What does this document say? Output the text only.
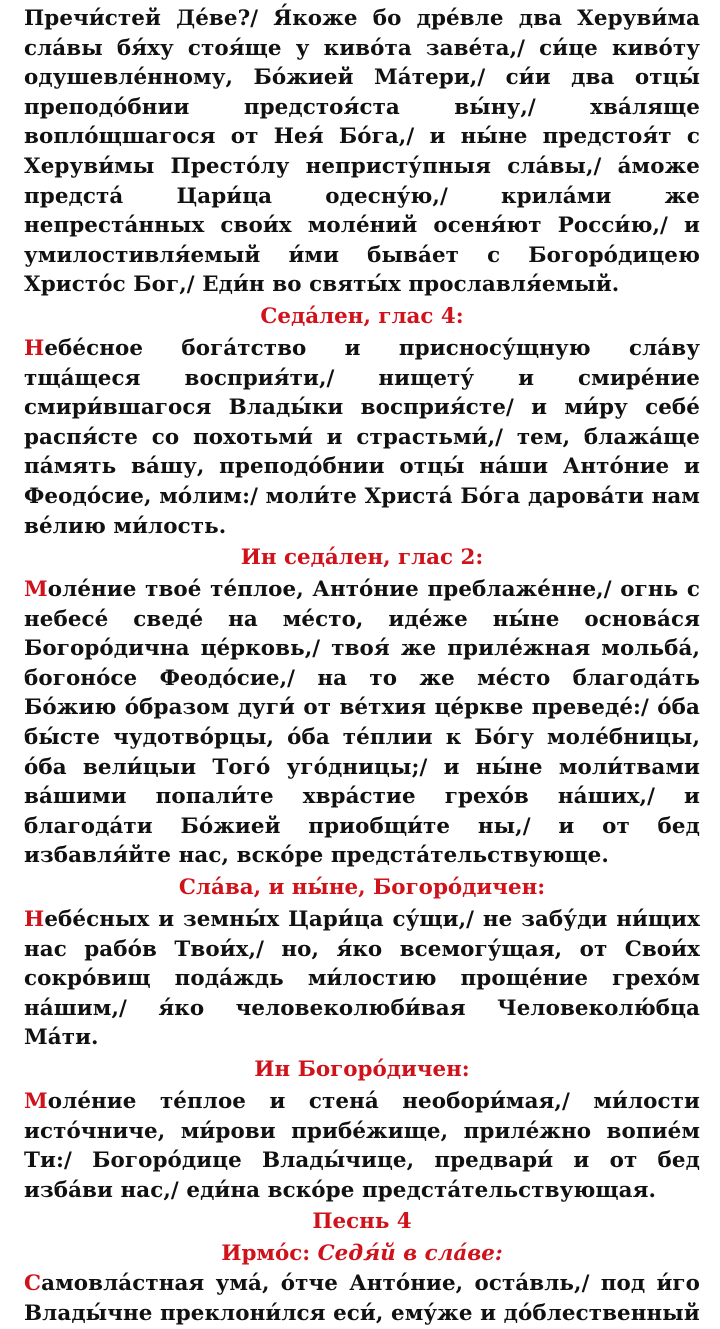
Пречи́стей Де́ве?/ Я́коже бо дре́вле два Херуви́ма сла́вы бя́ху стоя́ще у киво́та заве́та,/ си́це киво́ту одушевле́нному, Бо́жией Ма́тери,/ си́и два отцы́ преподо́бнии предстоя́ста вы́ну,/ хва́ляще вопло́щшагося от Нея́ Бо́га,/ и ны́не предстоя́т с Херуви́мы Престо́лу непристу́пныя сла́вы,/ а́може предста́ Цари́ца одесну́ю,/ крила́ми же непреста́нных свои́х моле́ний осеня́ют Росси́ю,/ и умилостивля́емый и́ми быва́ет с Богоро́дицею Христо́с Бог,/ Еди́н во святы́х прославля́емый.

Седа́лен, глас 4:

Небе́сное бога́тство и присносу́щную сла́ву тща́щеся восприя́ти,/ нищету́ и смире́ние смири́вшагося Влады́ки восприя́сте/ и ми́ру себе́ распя́сте со похотьми́ и страстьми́,/ тем, блажа́ще па́мять ва́шу, преподо́бнии отцы́ на́ши Анто́ние и Феодо́сие, мо́лим:/ моли́те Христа́ Бо́га дарова́ти нам ве́лию ми́лость.

Ин седа́лен, глас 2:

Моле́ние твое́ те́плое, Анто́ние преблаже́нне,/ огнь с небесе́ сведе́ на ме́сто, иде́же ны́не основа́ся Богоро́дична це́рковь,/ твоя́ же приле́жная мольба́, богоно́се Феодо́сие,/ на то же ме́сто благода́ть Бо́жию о́бразом дуги́ от ве́тхия це́ркве преведе́:/ о́ба бы́сте чудотво́рцы, о́ба те́плии к Бо́гу моле́бницы, о́ба вели́цыи Того́ уго́дницы;/ и ны́не моли́твами ва́шими попали́те хвра́стие грехо́в на́ших,/ и благода́ти Бо́жией приобщи́те ны,/ и от бед избавля́йте нас, вско́ре предста́тельствующе.

Сла́ва, и ны́не, Богоро́дичен:

Небе́сных и земны́х Цари́ца су́щи,/ не забу́ди ни́щих нас рабо́в Твои́х,/ но, я́ко всемогу́щая, от Свои́х сокро́вищ пода́ждь ми́лостию проще́ние грехо́м на́шим,/ я́ко человеколюби́вая Человеколю́бца Ма́ти.

Ин Богоро́дичен:

Моле́ние те́плое и стена́ необори́мая,/ ми́лости исто́чниче, ми́рови прибе́жище, приле́жно вопие́м Ти:/ Богоро́дице Влады́чице, предвари́ и от бед изба́ви нас,/ еди́на вско́ре предста́тельствующая.

Песнь 4

Ирмо́с: Седя́й в сла́ве:

Самовла́стная ума́, о́тче Анто́ние, оста́вль,/ под и́го Влады́чне преклони́лся еси́, ему́же и до́блественный
